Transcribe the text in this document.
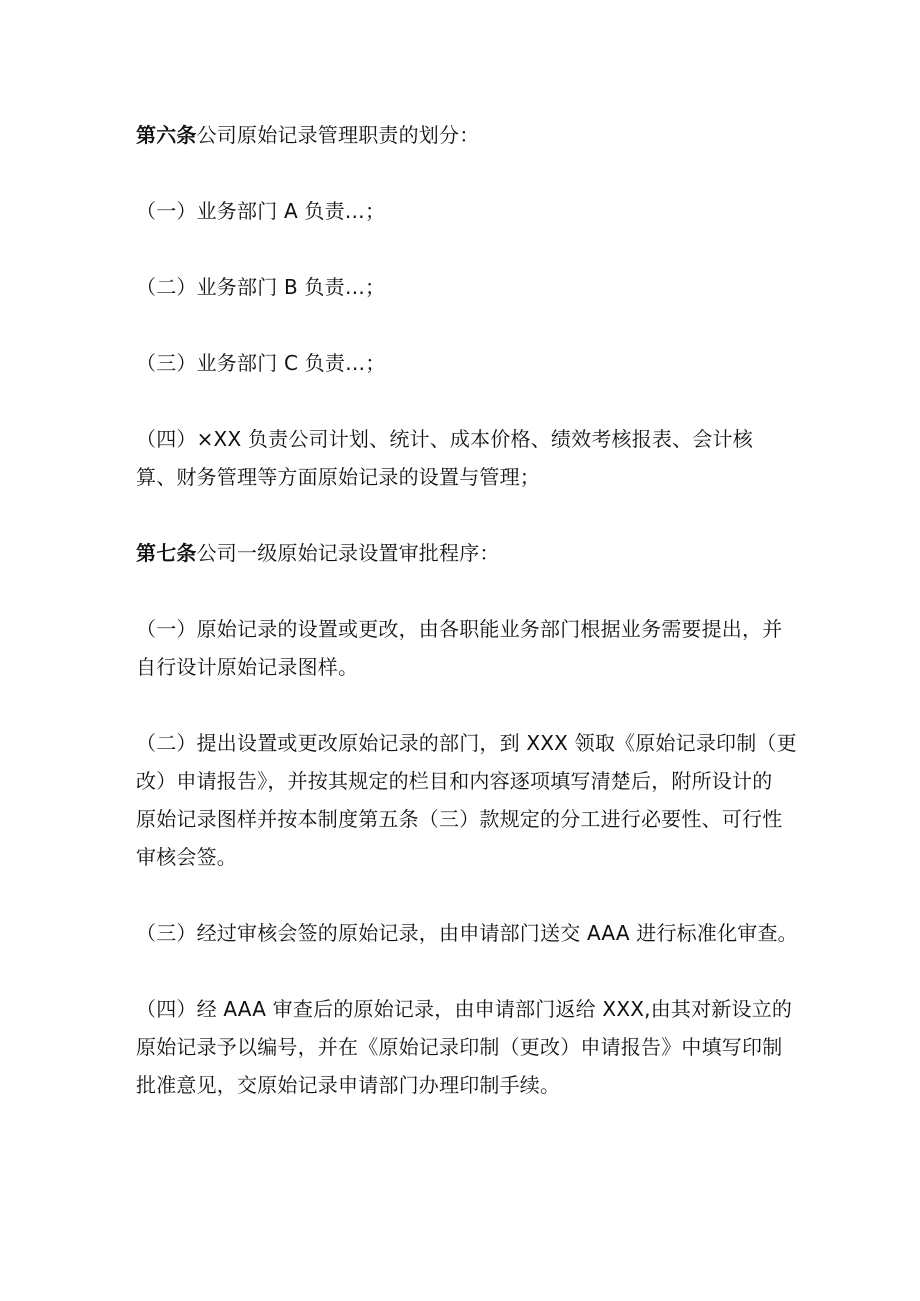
第六条公司原始记录管理职责的划分：

（一）业务部门 A 负责…；

（二）业务部门 B 负责…；

（三）业务部门 C 负责…；

（四）×XX 负责公司计划、统计、成本价格、绩效考核报表、会计核
算、财务管理等方面原始记录的设置与管理；

第七条公司一级原始记录设置审批程序：

（一）原始记录的设置或更改，由各职能业务部门根据业务需要提出，并
自行设计原始记录图样。

（二）提出设置或更改原始记录的部门，到 XXX 领取《原始记录印制（更
改）申请报告》，并按其规定的栏目和内容逐项填写清楚后，附所设计的
原始记录图样并按本制度第五条（三）款规定的分工进行必要性、可行性
审核会签。

（三）经过审核会签的原始记录，由申请部门送交 AAA 进行标准化审查。

（四）经 AAA 审查后的原始记录，由申请部门返给 XXX,由其对新设立的
原始记录予以编号，并在《原始记录印制（更改）申请报告》中填写印制
批准意见，交原始记录申请部门办理印制手续。
